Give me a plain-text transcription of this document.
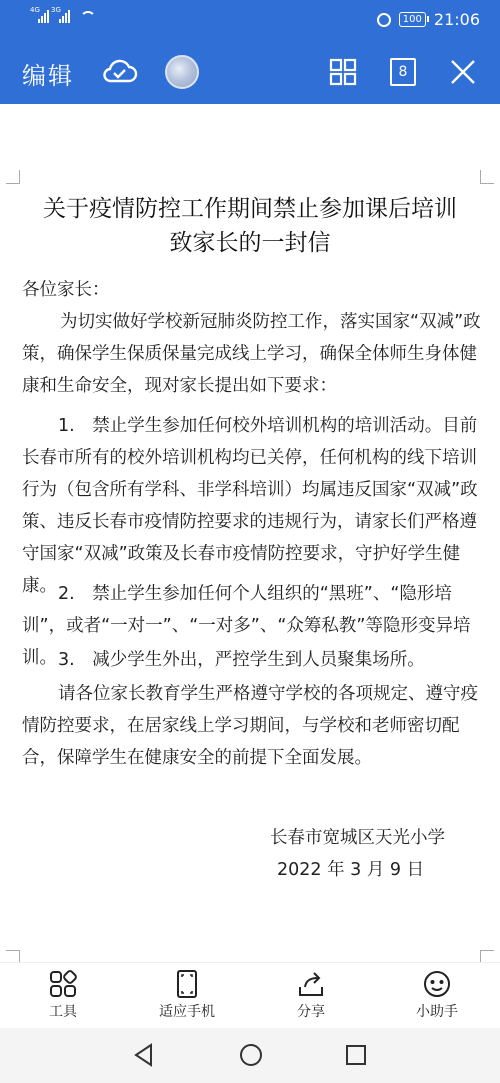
4G 3G
100 21:06
编辑	8
关于疫情防控工作期间禁止参加课后培训
致家长的一封信
各位家长：
为切实做好学校新冠肺炎防控工作，落实国家“双减”政策，确保学生保质保量完成线上学习，确保全体师生身体健康和生命安全，现对家长提出如下要求：
1.　禁止学生参加任何校外培训机构的培训活动。目前长春市所有的校外培训机构均已关停，任何机构的线下培训行为（包含所有学科、非学科培训）均属违反国家“双减”政策、违反长春市疫情防控要求的违规行为，请家长们严格遵守国家“双减”政策及长春市疫情防控要求，守护好学生健康。 2.　禁止学生参加任何个人组织的“黑班”、“隐形培训”，或者“一对一”、“一对多”、“众筹私教”等隐形变异培训。 3.　减少学生外出，严控学生到人员聚集场所。
请各位家长教育学生严格遵守学校的各项规定、遵守疫情防控要求，在居家线上学习期间，与学校和老师密切配合，保障学生在健康安全的前提下全面发展。
长春市宽城区天光小学
2022 年 3 月 9 日
工具	适应手机	分享	小助手
